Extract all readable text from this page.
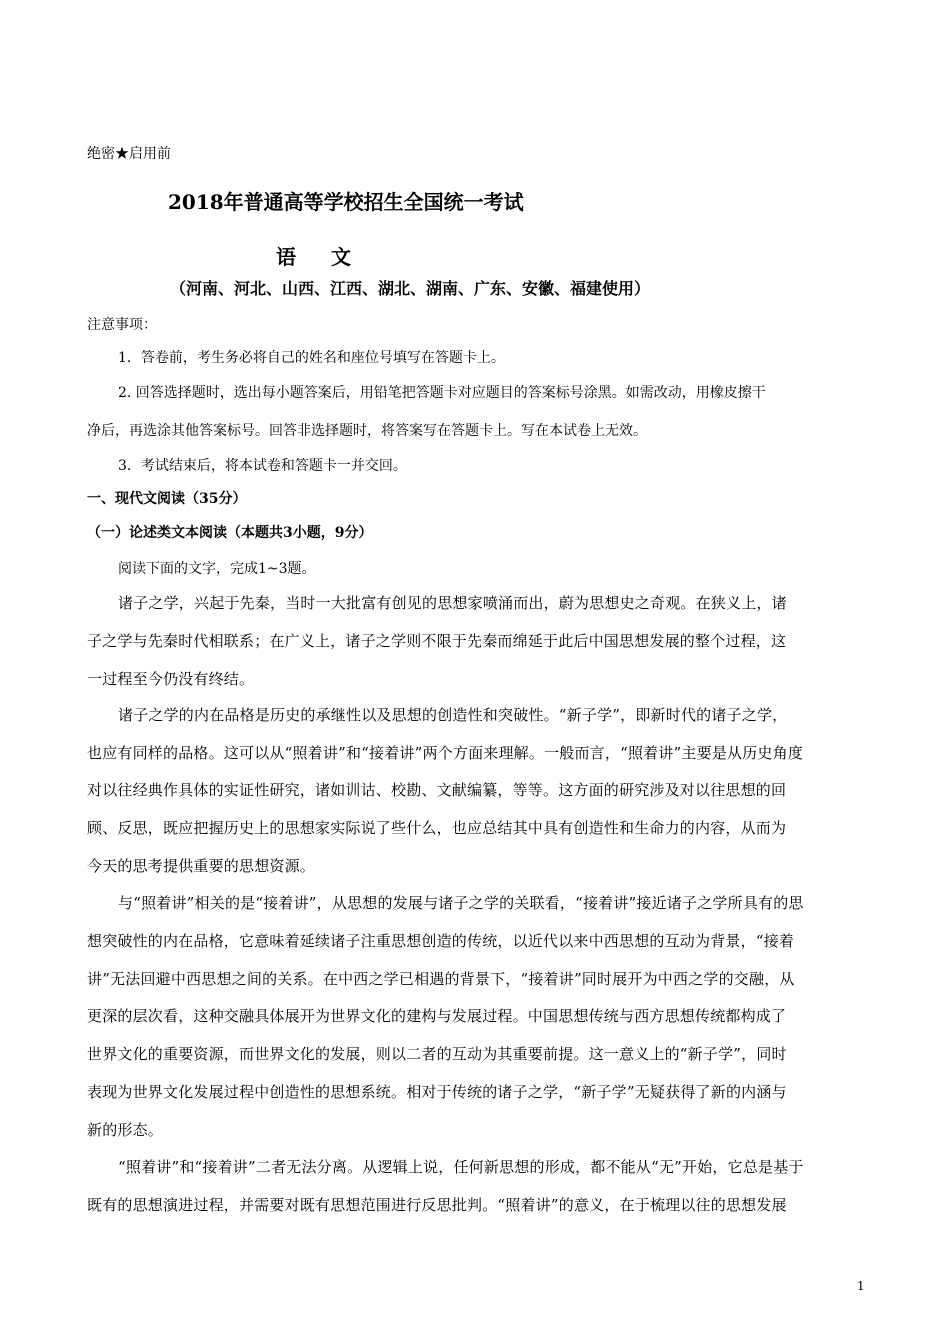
绝密★启用前
2018年普通高等学校招生全国统一考试
语 文
（河南、河北、山西、江西、湖北、湖南、广东、安徽、福建使用）
注意事项：
1．答卷前，考生务必将自己的姓名和座位号填写在答题卡上。
2. 回答选择题时，选出每小题答案后，用铅笔把答题卡对应题目的答案标号涂黑。如需改动，用橡皮擦干
净后，再选涂其他答案标号。回答非选择题时，将答案写在答题卡上。写在本试卷上无效。
3．考试结束后，将本试卷和答题卡一并交回。
一、现代文阅读（35分）
（一）论述类文本阅读（本题共3小题，9分）
阅读下面的文字，完成1~3题。
诸子之学，兴起于先秦，当时一大批富有创见的思想家喷涌而出，蔚为思想史之奇观。在狭义上，诸
子之学与先秦时代相联系；在广义上，诸子之学则不限于先秦而绵延于此后中国思想发展的整个过程，这
一过程至今仍没有终结。
诸子之学的内在品格是历史的承继性以及思想的创造性和突破性。“新子学”，即新时代的诸子之学，
也应有同样的品格。这可以从“照着讲”和“接着讲”两个方面来理解。一般而言，“照着讲”主要是从历史角度
对以往经典作具体的实证性研究，诸如训诂、校勘、文献编纂，等等。这方面的研究涉及对以往思想的回
顾、反思，既应把握历史上的思想家实际说了些什么，也应总结其中具有创造性和生命力的内容，从而为
今天的思考提供重要的思想资源。
与“照着讲”相关的是“接着讲”，从思想的发展与诸子之学的关联看，“接着讲”接近诸子之学所具有的思
想突破性的内在品格，它意味着延续诸子注重思想创造的传统，以近代以来中西思想的互动为背景，“接着
讲”无法回避中西思想之间的关系。在中西之学已相遇的背景下，“接着讲”同时展开为中西之学的交融，从
更深的层次看，这种交融具体展开为世界文化的建构与发展过程。中国思想传统与西方思想传统都构成了
世界文化的重要资源，而世界文化的发展，则以二者的互动为其重要前提。这一意义上的“新子学”，同时
表现为世界文化发展过程中创造性的思想系统。相对于传统的诸子之学，“新子学”无疑获得了新的内涵与
新的形态。
“照着讲”和“接着讲”二者无法分离。从逻辑上说，任何新思想的形成，都不能从“无”开始，它总是基于
既有的思想演进过程，并需要对既有思想范围进行反思批判。“照着讲”的意义，在于梳理以往的思想发展
1
